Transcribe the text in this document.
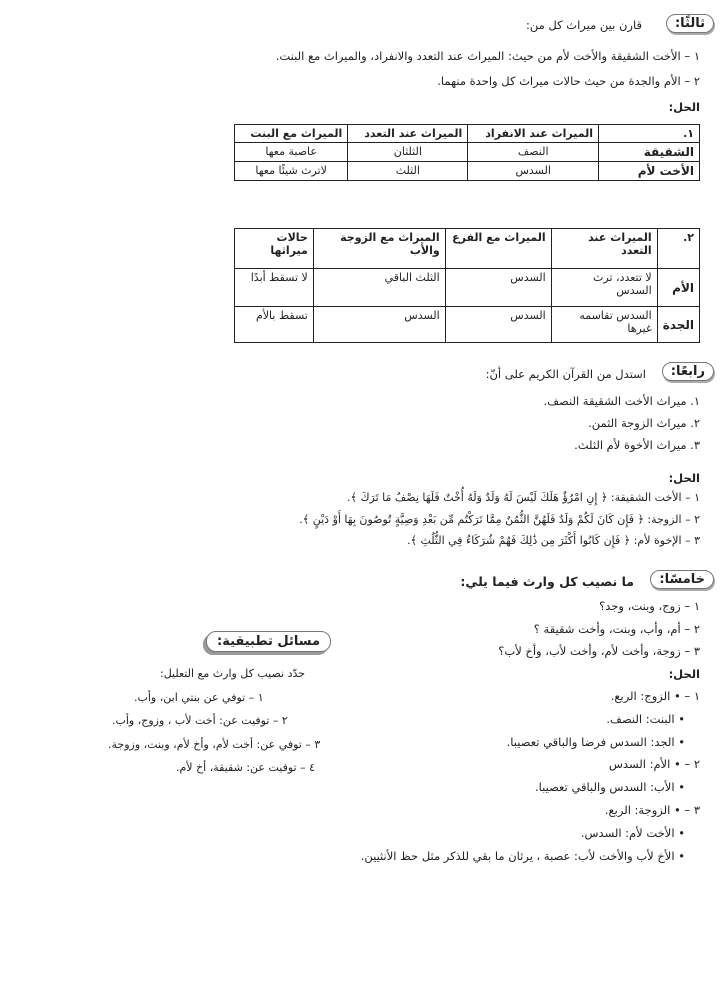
ثالثًا:
قارن بين ميراث كل من:
١ – الأخت الشقيقة والأخت لأم من حيث: الميراث عند التعدد والانفراد، والميراث مع البنت.
٢ – الأم والجدة من حيث حالات ميراث كل واحدة منهما.
الحل:
١.	الميراث عند الانفراد	الميراث عند التعدد	الميراث مع البنت
الشقيقة	النصف	الثلثان	عاصبة معها
الأخت لأم	السدس	الثلث	لاترث شيئًا معها
٢.	الميراث عند التعدد	الميراث مع الفرع	الميراث مع الزوجة والأب	حالات ميراثها
الأم	لا تتعدد، ترث السدس	السدس	الثلث الباقي	لا تسقط أبدًا
الجدة	السدس تقاسمه غيرها	السدس	السدس	تسقط بالأم
رابعًا:
استدل من القرآن الكريم على أنّ:
١. ميراث الأخت الشقيقة النصف.
٢. ميراث الزوجة الثمن.
٣. ميراث الأخوة لأم الثلث.
الحل:
١ – الأخت الشقيقة: ﴿ إِنِ امْرُؤٌ هَلَكَ لَيْسَ لَهُ وَلَدٌ وَلَهُ أُخْتٌ فَلَهَا نِصْفُ مَا تَرَكَ ﴾.
٢ – الزوجة: ﴿ فَإِن كَانَ لَكُمْ وَلَدٌ فَلَهُنَّ الثُّمُنُ مِمَّا تَرَكْتُم مِّن بَعْدِ وَصِيَّةٍ تُوصُونَ بِهَا أَوْ دَيْنٍ ﴾.
٣ – الإخوة لأم: ﴿ فَإِن كَانُوا أَكْثَرَ مِن ذَٰلِكَ فَهُمْ شُرَكَاءُ فِي الثُّلُثِ ﴾.
خامسًا:
ما نصيب كل وارث فيما يلي:
١ – زوج، وبنت، وجد؟
٢ – أم، وأب، وبنت، وأخت شقيقة ؟
٣ – زوجة، وأخت لأم، وأخت لأب، وأخ لأب؟
الحل:
١ – • الزوج: الربع.
• البنت: النصف.
• الجد: السدس فرضا والباقي تعصيبا.
٢ – • الأم: السدس
• الأب: السدس والباقي تعصيبا.
٣ – • الزوجة: الربع.
• الأخت لأم: السدس.
• الأخ لأب والأخت لأب: عصبة ، يرثان ما بقي للذكر مثل حظ الأنثيين.
مسائل تطبيقية:
حدّد نصيب كل وارث مع التعليل:
١ – توفي عن بنتي ابن، وأب.
٢ – توفيت عن: أخت لأب ، وزوج، وأب.
٣ – توفي عن: أخت لأم، وأخ لأم، وبنت، وزوجة.
٤ – توفيت عن: شقيقة، أخ لأم.
